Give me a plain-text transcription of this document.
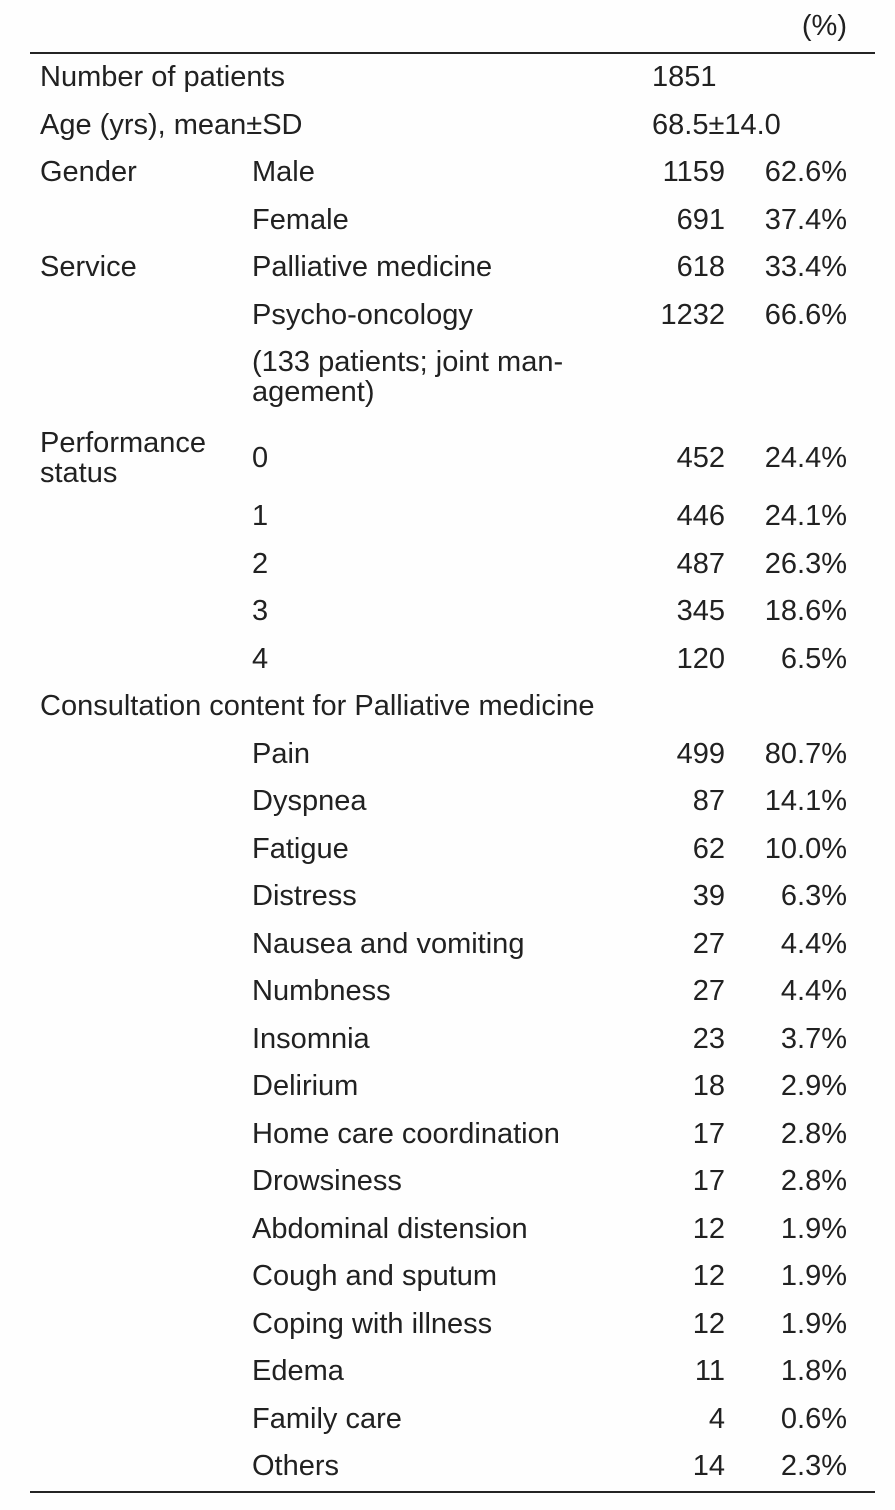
(%)
Number of patients	1851
Age (yrs), mean±SD	68.5±14.0
Gender	Male	1159	62.6%
Female	691	37.4%
Service	Palliative medicine	618	33.4%
Psycho-oncology	1232	66.6%
(133 patients; joint man-
agement)
Performance status	0	452	24.4%
1	446	24.1%
2	487	26.3%
3	345	18.6%
4	120	6.5%
Consultation content for Palliative medicine
Pain	499	80.7%
Dyspnea	87	14.1%
Fatigue	62	10.0%
Distress	39	6.3%
Nausea and vomiting	27	4.4%
Numbness	27	4.4%
Insomnia	23	3.7%
Delirium	18	2.9%
Home care coordination	17	2.8%
Drowsiness	17	2.8%
Abdominal distension	12	1.9%
Cough and sputum	12	1.9%
Coping with illness	12	1.9%
Edema	11	1.8%
Family care	4	0.6%
Others	14	2.3%
